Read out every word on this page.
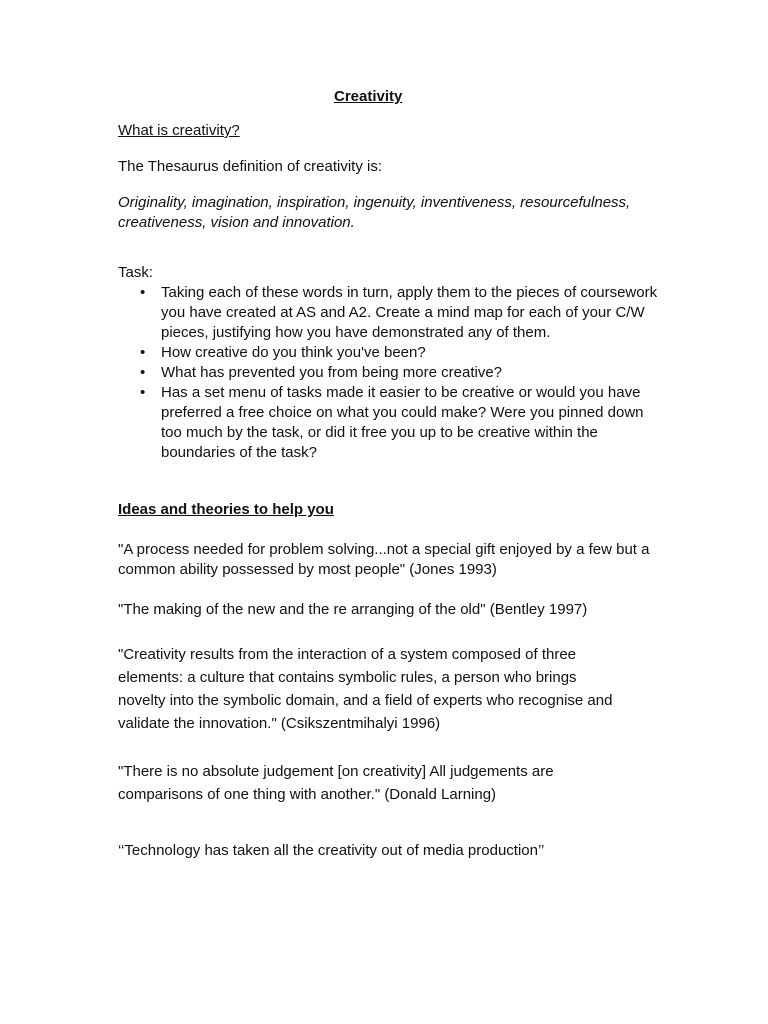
Creativity

What is creativity?

The Thesaurus definition of creativity is:

Originality, imagination, inspiration, ingenuity, inventiveness, resourcefulness, creativeness, vision and innovation.

Task:

• Taking each of these words in turn, apply them to the pieces of coursework you have created at AS and A2. Create a mind map for each of your C/W pieces, justifying how you have demonstrated any of them.
• How creative do you think you've been?
• What has prevented you from being more creative?
• Has a set menu of tasks made it easier to be creative or would you have preferred a free choice on what you could make? Were you pinned down too much by the task, or did it free you up to be creative within the boundaries of the task?

Ideas and theories to help you

"A process needed for problem solving...not a special gift enjoyed by a few but a common ability possessed by most people" (Jones 1993)

"The making of the new and the re arranging of the old" (Bentley 1997)

"Creativity results from the interaction of a system composed of three elements: a culture that contains symbolic rules, a person who brings novelty into the symbolic domain, and a field of experts who recognise and validate the innovation." (Csikszentmihalyi 1996)

"There is no absolute judgement [on creativity] All judgements are comparisons of one thing with another." (Donald Larning)

‘‘Technology has taken all the creativity out of media production’’
